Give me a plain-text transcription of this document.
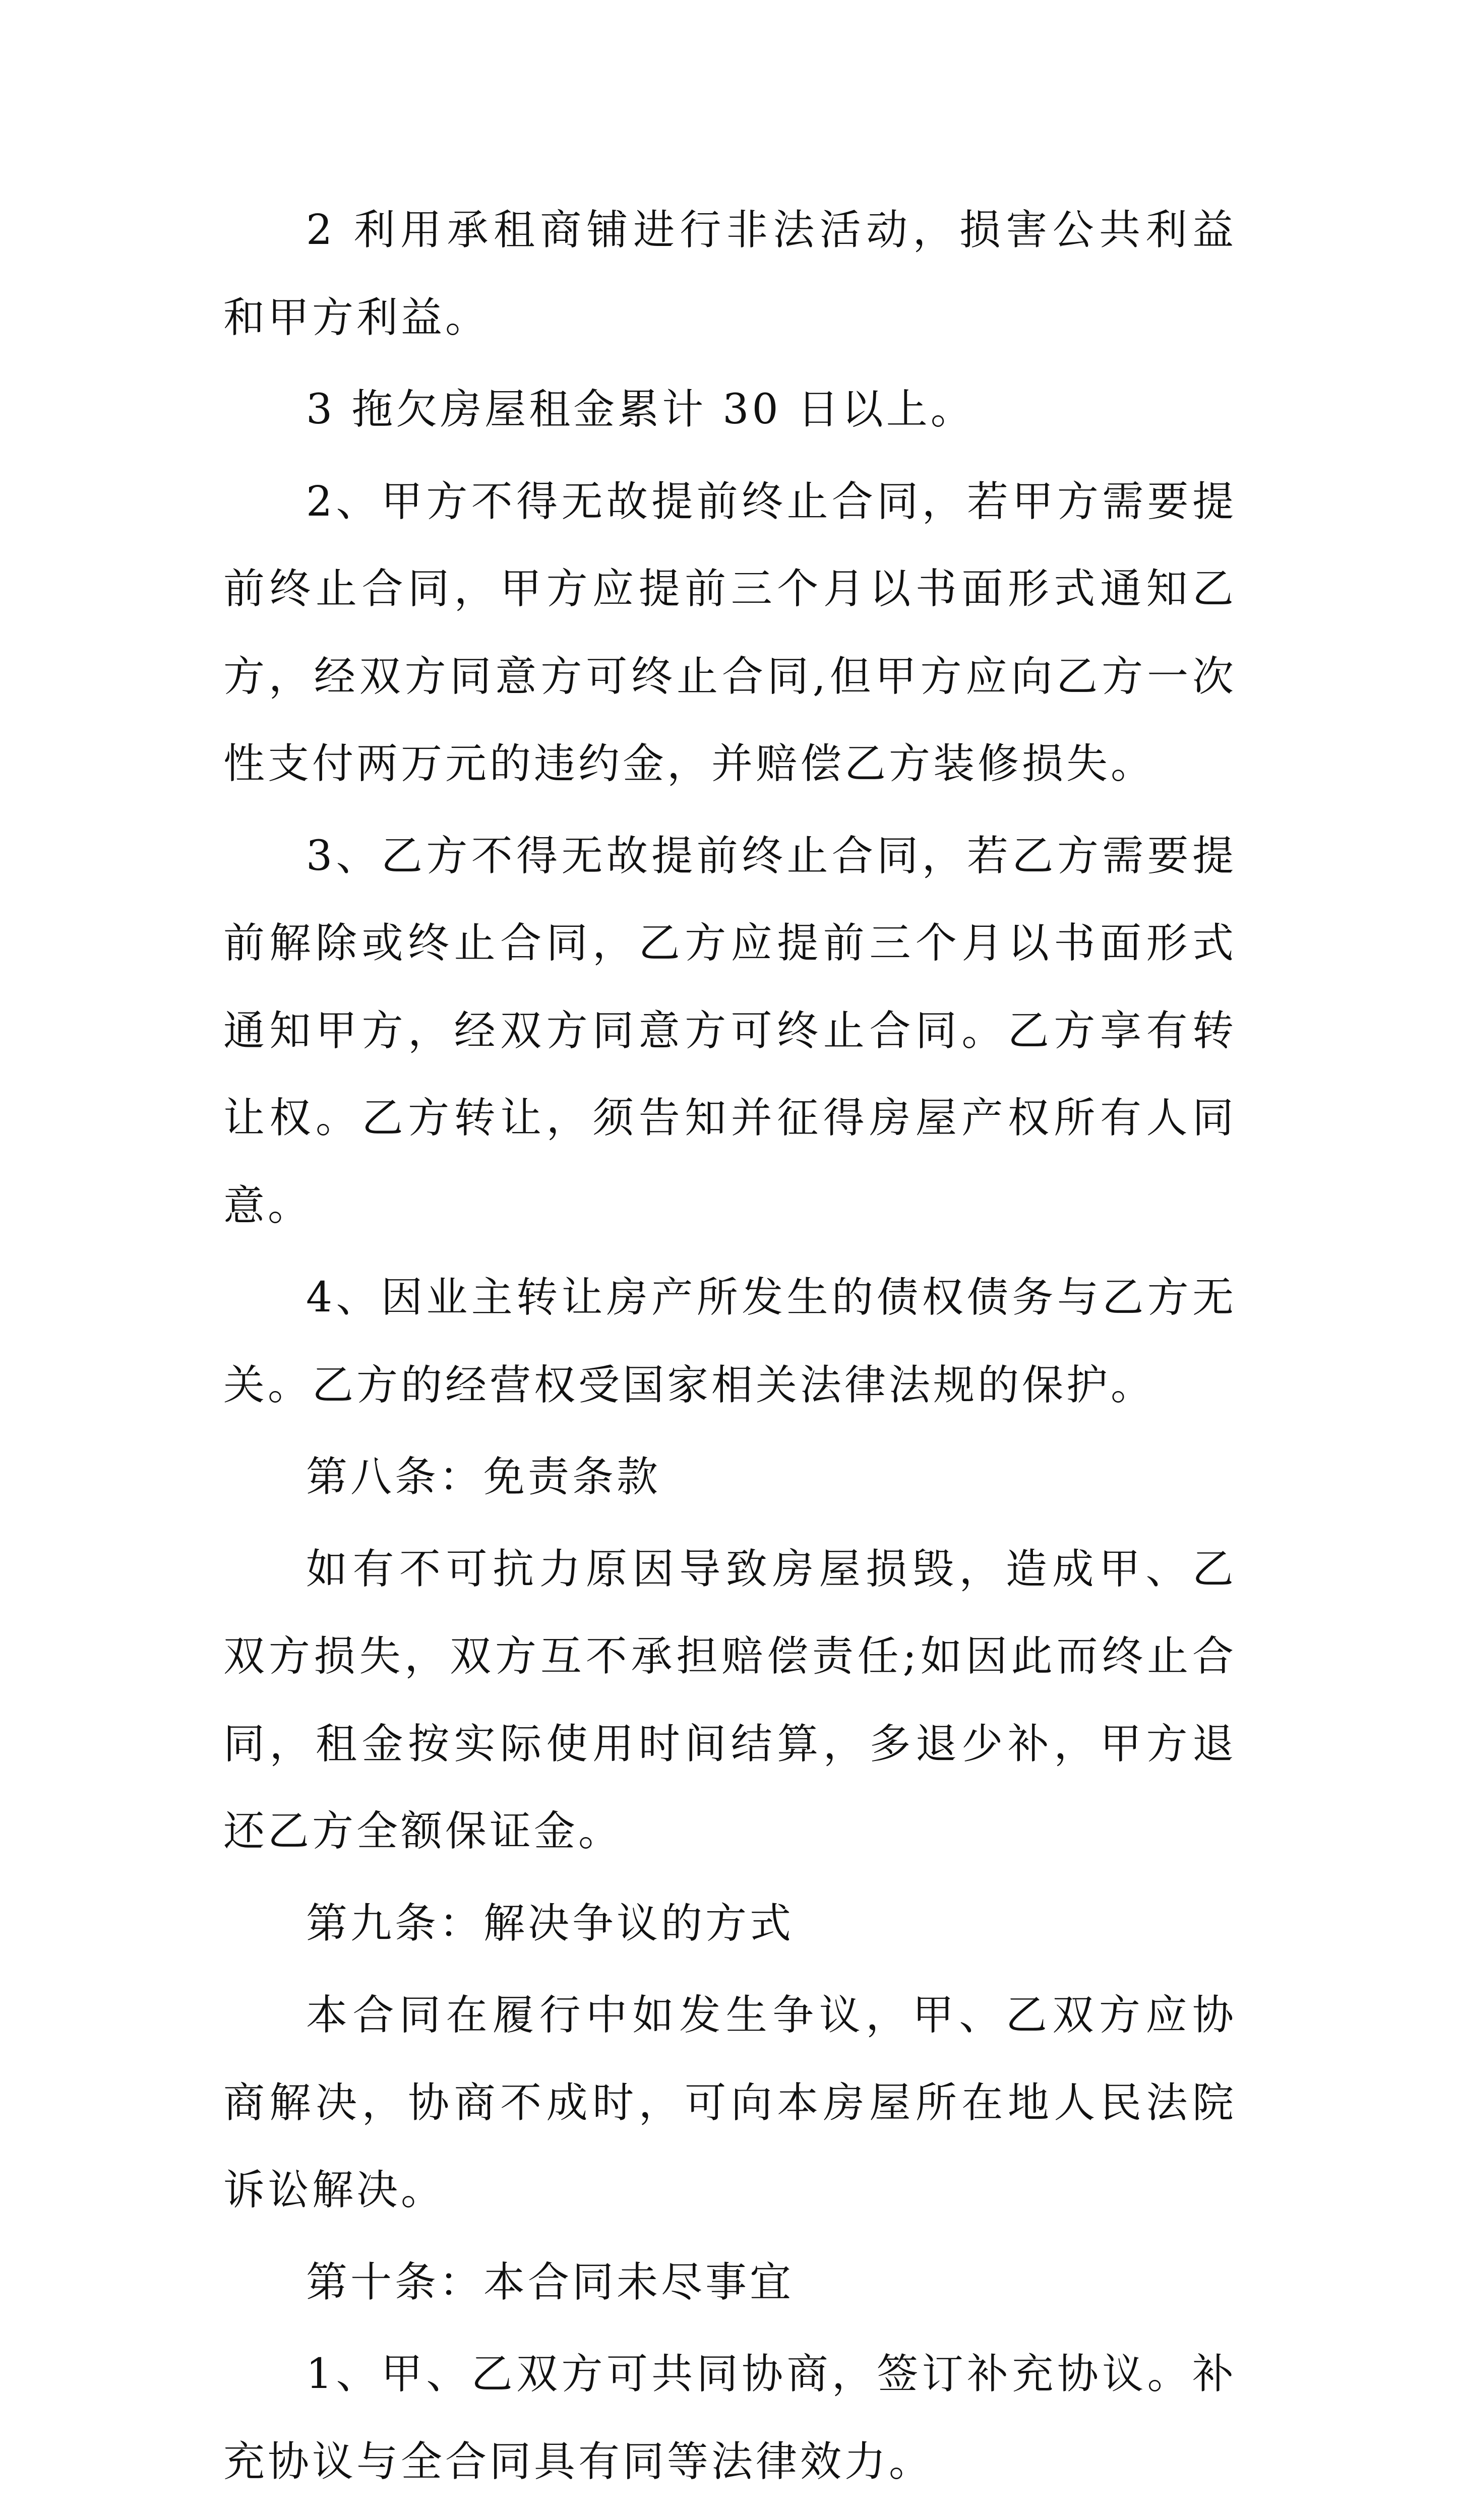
2 利用承租商铺进行非法活动，损害公共利益和甲方利益。

3 拖欠房屋租金累计 30 日以上。

2、甲方不得无故提前终止合同，若甲方需要提前终止合同，甲方应提前三个月以书面形式通知乙方，经双方同意方可终止合同,但甲方应向乙方一次性支付两万元的违约金，并赔偿乙方装修损失。

3、乙方不得无故提前终止合同，若乙方需要提前解除或终止合同，乙方应提前三个月以书面形式通知甲方，经双方同意方可终止合同。乙方享有转让权。乙方转让，须告知并征得房屋产权所有人同意。

4、因业主转让房产所发生的债权债务与乙方无关。乙方的经营权受国家相关法律法规的保护。

第八条：免责条款

如有不可抗力原因导致房屋损毁，造成甲、乙双方损失，双方互不承担赔偿责任;如因此而终止合同，租金按实际使用时间结算，多退少补，甲方退还乙方全额保证金。

第九条：解决争议的方式

本合同在履行中如发生争议，甲、乙双方应协商解决，协商不成时，可向本房屋所在地人民法院诉讼解决。

第十条：本合同未尽事宜

1、甲、乙双方可共同协商，签订补充协议。补充协议与全合同具有同等法律效力。
